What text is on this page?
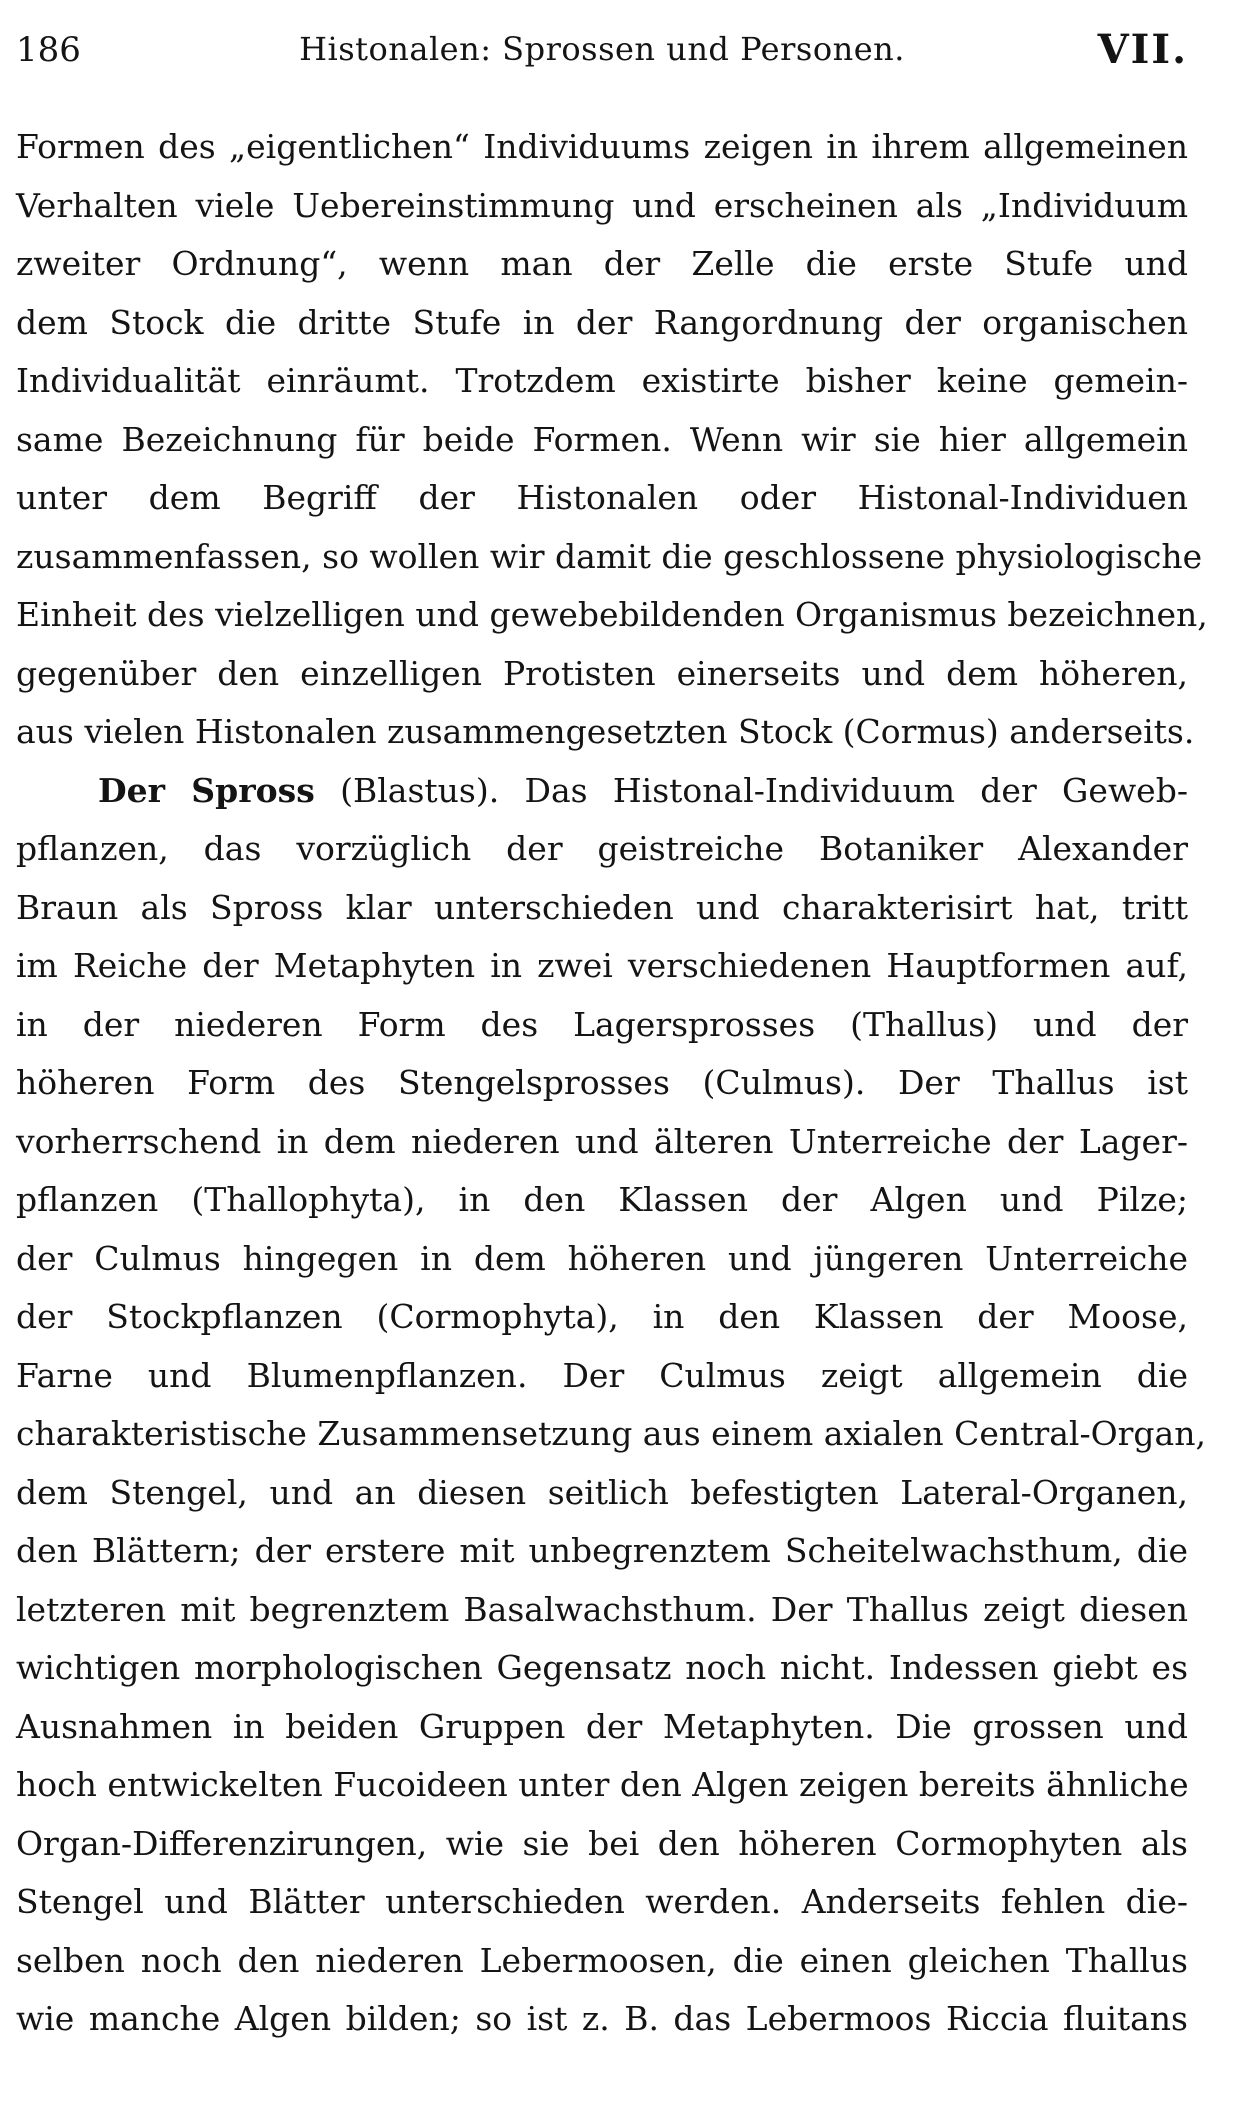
186	Histonalen: Sprossen und Personen.	VII.
Formen des „eigentlichen“ Individuums zeigen in ihrem allgemeinen
Verhalten viele Uebereinstimmung und erscheinen als „Individuum
zweiter Ordnung“, wenn man der Zelle die erste Stufe und
dem Stock die dritte Stufe in der Rangordnung der organischen
Individualität einräumt. Trotzdem existirte bisher keine gemein-
same Bezeichnung für beide Formen. Wenn wir sie hier allgemein
unter dem Begriff der Histonalen oder Histonal-Individuen
zusammenfassen, so wollen wir damit die geschlossene physiologische
Einheit des vielzelligen und gewebebildenden Organismus bezeichnen,
gegenüber den einzelligen Protisten einerseits und dem höheren,
aus vielen Histonalen zusammengesetzten Stock (Cormus) anderseits.
Der Spross (Blastus). Das Histonal-Individuum der Geweb-
pflanzen, das vorzüglich der geistreiche Botaniker Alexander
Braun als Spross klar unterschieden und charakterisirt hat, tritt
im Reiche der Metaphyten in zwei verschiedenen Hauptformen auf,
in der niederen Form des Lagersprosses (Thallus) und der
höheren Form des Stengelsprosses (Culmus). Der Thallus ist
vorherrschend in dem niederen und älteren Unterreiche der Lager-
pflanzen (Thallophyta), in den Klassen der Algen und Pilze;
der Culmus hingegen in dem höheren und jüngeren Unterreiche
der Stockpflanzen (Cormophyta), in den Klassen der Moose,
Farne und Blumenpflanzen. Der Culmus zeigt allgemein die
charakteristische Zusammensetzung aus einem axialen Central-Organ,
dem Stengel, und an diesen seitlich befestigten Lateral-Organen,
den Blättern; der erstere mit unbegrenztem Scheitelwachsthum, die
letzteren mit begrenztem Basalwachsthum. Der Thallus zeigt diesen
wichtigen morphologischen Gegensatz noch nicht. Indessen giebt es
Ausnahmen in beiden Gruppen der Metaphyten. Die grossen und
hoch entwickelten Fucoideen unter den Algen zeigen bereits ähnliche
Organ-Differenzirungen, wie sie bei den höheren Cormophyten als
Stengel und Blätter unterschieden werden. Anderseits fehlen die-
selben noch den niederen Lebermoosen, die einen gleichen Thallus
wie manche Algen bilden; so ist z. B. das Lebermoos Riccia fluitans
